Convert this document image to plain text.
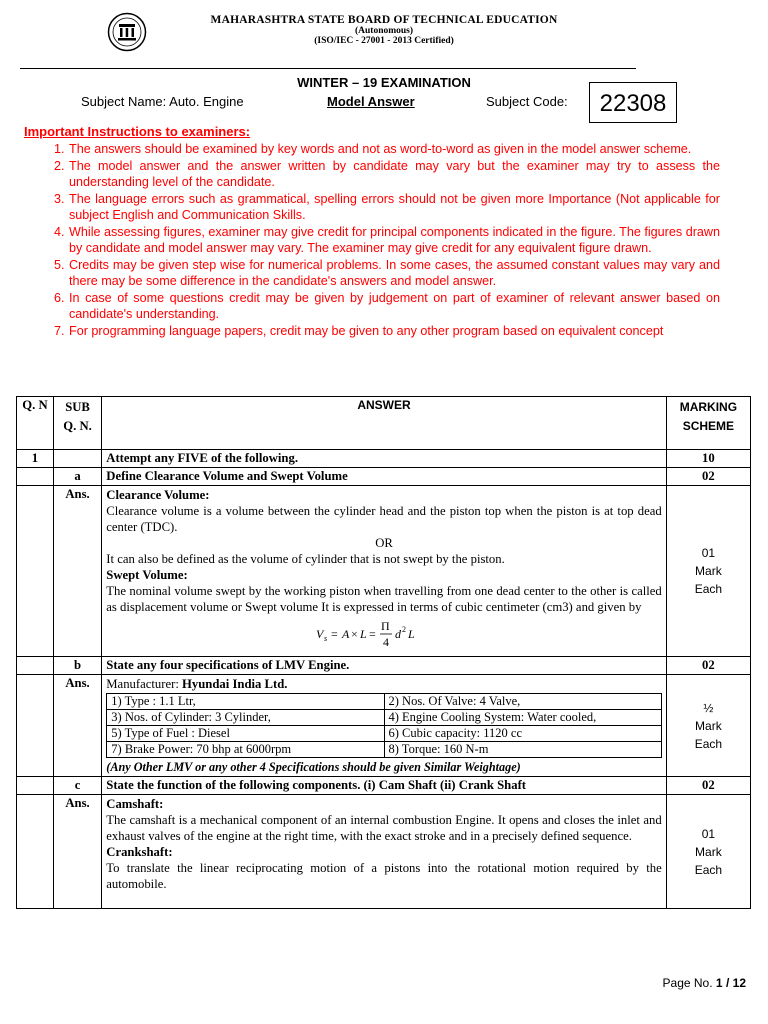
MAHARASHTRA STATE BOARD OF TECHNICAL EDUCATION
(Autonomous)
(ISO/IEC - 27001 - 2013 Certified)
WINTER – 19 EXAMINATION
Subject Name: Auto. Engine	Model Answer	Subject Code:	22308
Important Instructions to examiners:
1. The answers should be examined by key words and not as word-to-word as given in the model answer scheme.
2. The model answer and the answer written by candidate may vary but the examiner may try to assess the understanding level of the candidate.
3. The language errors such as grammatical, spelling errors should not be given more Importance (Not applicable for subject English and Communication Skills.
4. While assessing figures, examiner may give credit for principal components indicated in the figure. The figures drawn by candidate and model answer may vary. The examiner may give credit for any equivalent figure drawn.
5. Credits may be given step wise for numerical problems. In some cases, the assumed constant values may vary and there may be some difference in the candidate's answers and model answer.
6. In case of some questions credit may be given by judgement on part of examiner of relevant answer based on candidate's understanding.
7. For programming language papers, credit may be given to any other program based on equivalent concept
Q. N	SUB
Q. N.	ANSWER	MARKING
SCHEME
1		Attempt any FIVE of the following.	10
	a	Define Clearance Volume and Swept Volume	02
	Ans.	Clearance Volume:

Clearance volume is a volume between the cylinder head and the piston top when the piston is at top dead center (TDC).

OR

It can also be defined as the volume of cylinder that is not swept by the piston.

Swept Volume:

The nominal volume swept by the working piston when travelling from one dead center to the other is called as displacement volume or Swept volume It is expressed in terms of cubic centimeter (cm3) and given by

V s = A × L =
Π
4
d 2 L
	01
Mark
Each
	b	State any four specifications of LMV Engine.	02
	Ans.	Manufacturer: Hyundai India Ltd.

1) Type : 1.1 Ltr,	2) Nos. Of Valve: 4 Valve,
3) Nos. of Cylinder: 3 Cylinder,	4) Engine Cooling System: Water cooled,
5) Type of Fuel : Diesel	6) Cubic capacity: 1120 cc
7) Brake Power: 70 bhp at 6000rpm	8) Torque: 160 N-m

(Any Other LMV or any other 4 Specifications should be given Similar Weightage)

	½
Mark
Each
	c	State the function of the following components. (i) Cam Shaft (ii) Crank Shaft	02
	Ans.	Camshaft:

The camshaft is a mechanical component of an internal combustion Engine. It opens and closes the inlet and exhaust valves of the engine at the right time, with the exact stroke and in a precisely defined sequence.

Crankshaft:

To translate the linear reciprocating motion of a pistons into the rotational motion required by the automobile.

	01
Mark
Each
Page No. 1 / 12
